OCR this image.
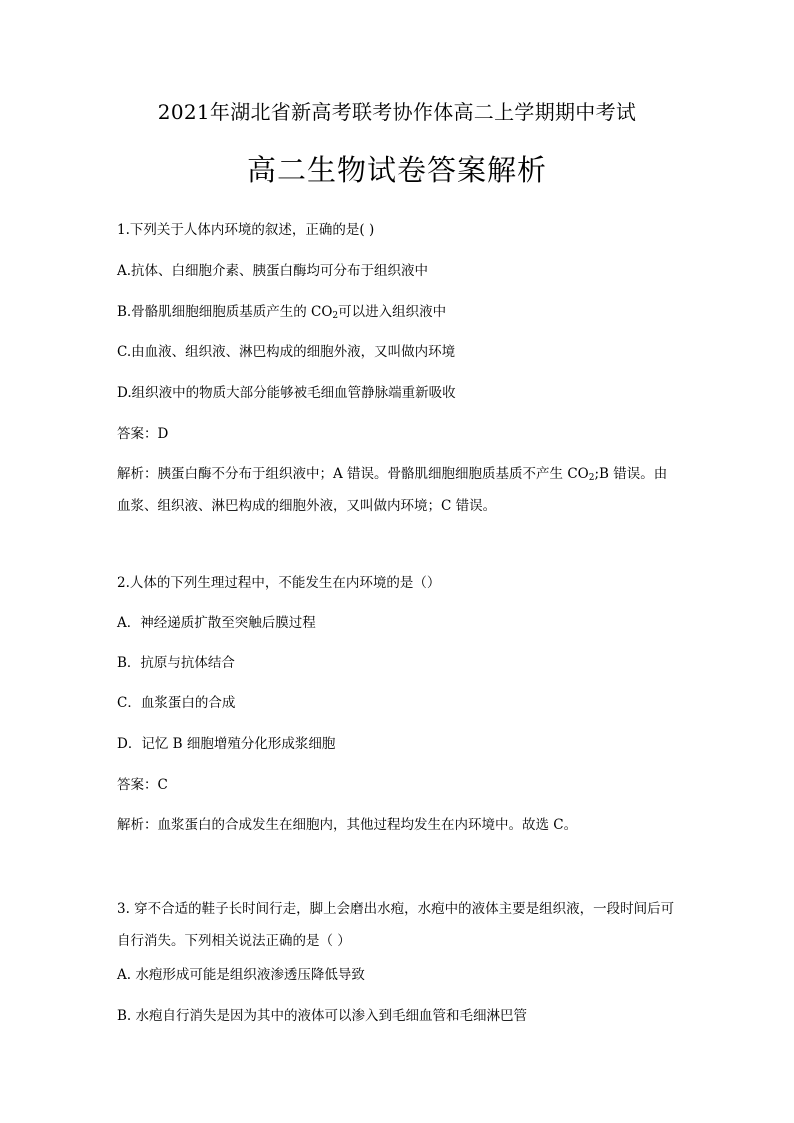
2021年湖北省新高考联考协作体高二上学期期中考试
高二生物试卷答案解析
1.下列关于人体内环境的叙述，正确的是( )
A.抗体、白细胞介素、胰蛋白酶均可分布于组织液中
B.骨骼肌细胞细胞质基质产生的 $CO_2$可以进入组织液中
C.由血液、组织液、淋巴构成的细胞外液，又叫做内环境
D.组织液中的物质大部分能够被毛细血管静脉端重新吸收
答案：D
解析：胰蛋白酶不分布于组织液中；A 错误。骨骼肌细胞细胞质基质不产生 $CO_2;B$ 错误。由血浆、组织液、淋巴构成的细胞外液，又叫做内环境；C 错误。
2.人体的下列生理过程中，不能发生在内环境的是（）
A．神经递质扩散至突触后膜过程
B．抗原与抗体结合
C．血浆蛋白的合成
D．记忆 B 细胞增殖分化形成浆细胞
答案：C
解析：血浆蛋白的合成发生在细胞内，其他过程均发生在内环境中。故选 C。
3. 穿不合适的鞋子长时间行走，脚上会磨出水疱，水疱中的液体主要是组织液，一段时间后可自行消失。下列相关说法正确的是（ ）
A. 水疱形成可能是组织液渗透压降低导致
B. 水疱自行消失是因为其中的液体可以渗入到毛细血管和毛细淋巴管
